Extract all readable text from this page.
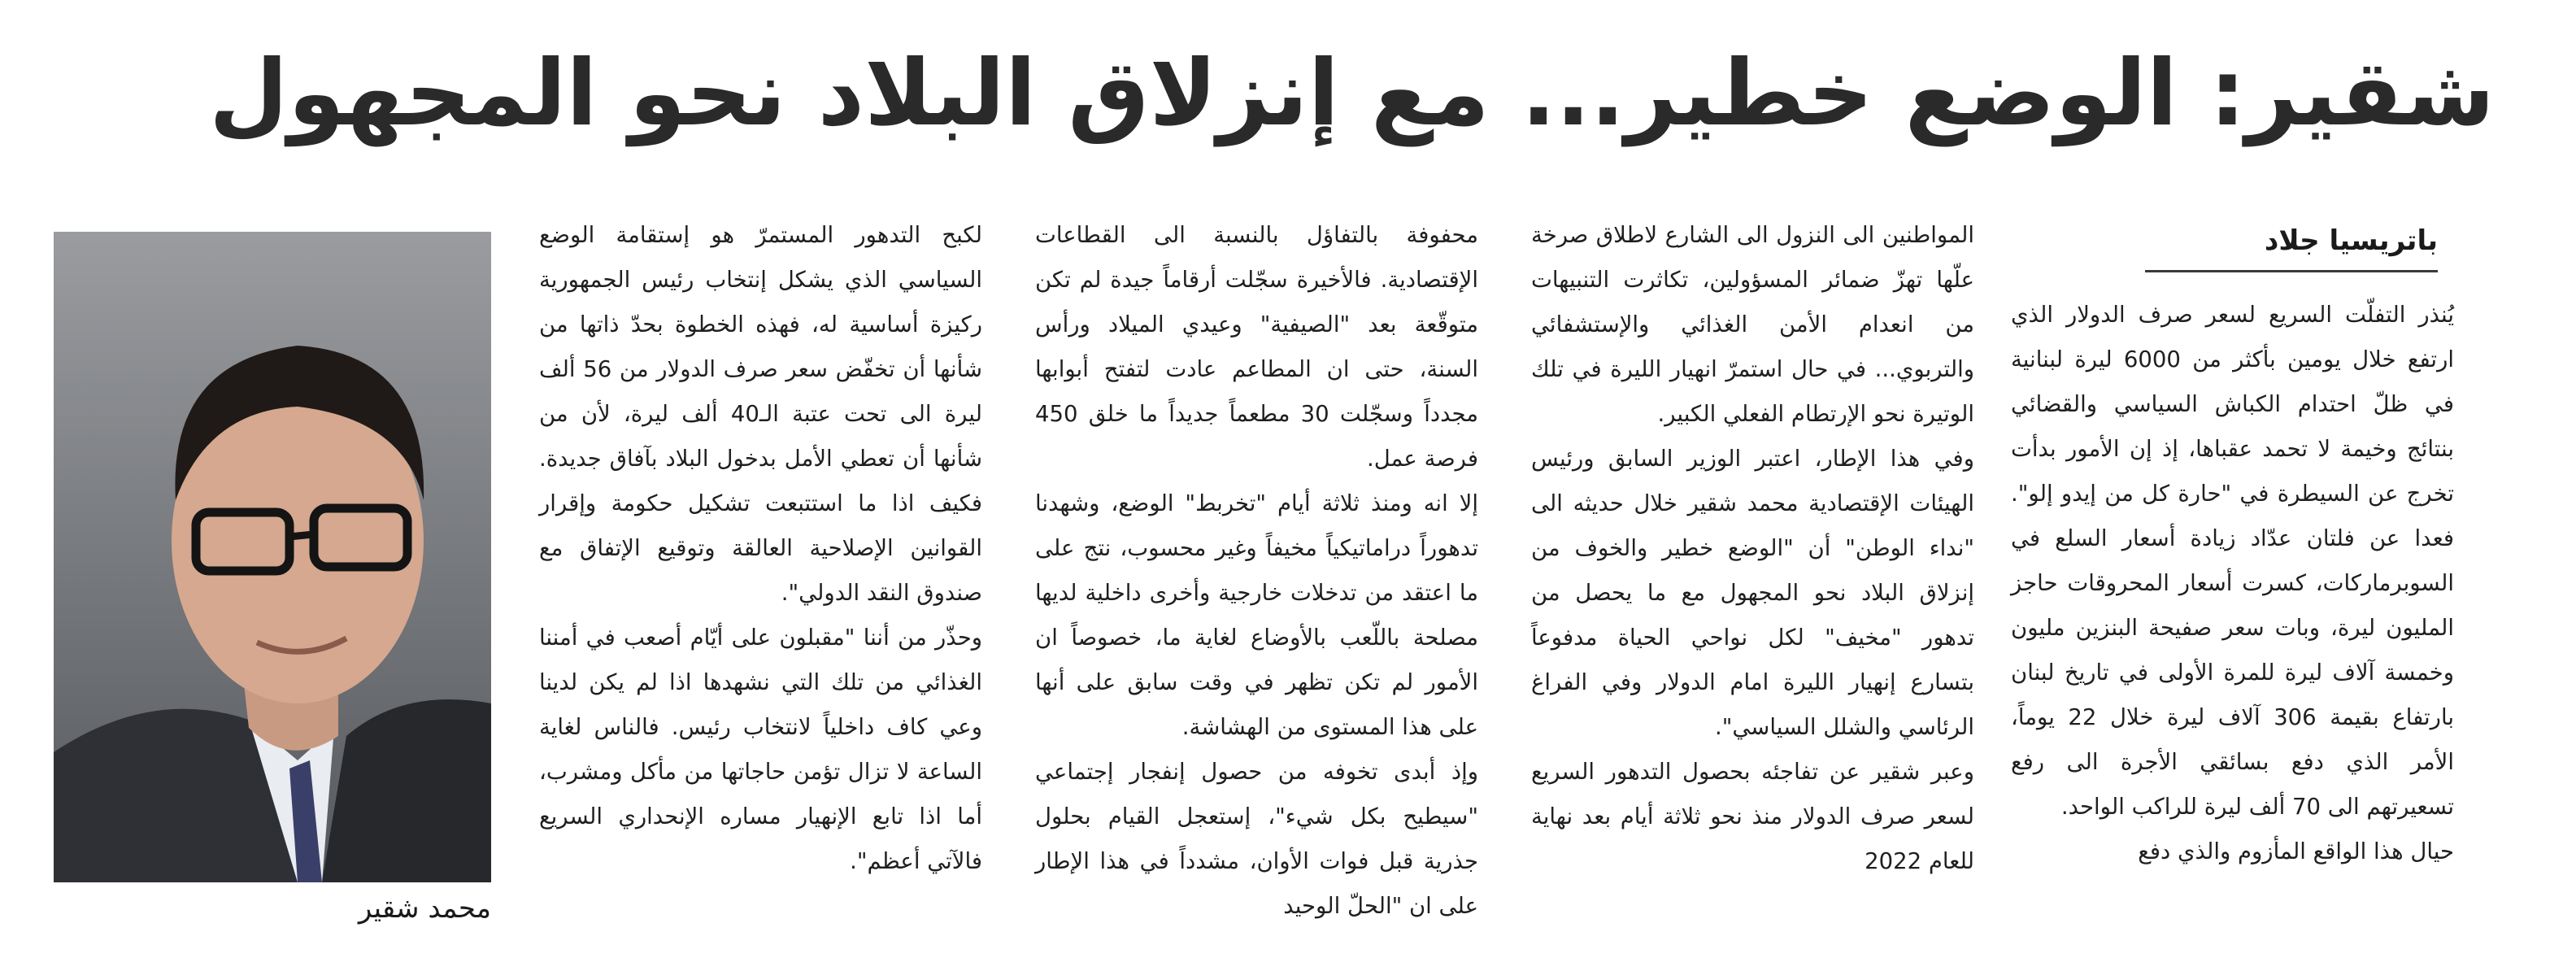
شقير: الوضع خطير... مع إنزلاق البلاد نحو المجهول
باتريسيا جلاد

يُنذر التفلّت السريع لسعر صرف الدولار الذي ارتفع خلال يومين بأكثر من 6000 ليرة لبنانية في ظلّ احتدام الكباش السياسي والقضائي بنتائج وخيمة لا تحمد عقباها، إذ إن الأمور بدأت تخرج عن السيطرة في "حارة كل من إيدو إلو". فعدا عن فلتان عدّاد زيادة أسعار السلع في السوبرماركات، كسرت أسعار المحروقات حاجز المليون ليرة، وبات سعر صفيحة البنزين مليون وخمسة آلاف ليرة للمرة الأولى في تاريخ لبنان بارتفاع بقيمة 306 آلاف ليرة خلال 22 يوماً، الأمر الذي دفع بسائقي الأجرة الى رفع تسعيرتهم الى 70 ألف ليرة للراكب الواحد.

حيال هذا الواقع المأزوم والذي دفع

المواطنين الى النزول الى الشارع لاطلاق صرخة علّها تهزّ ضمائر المسؤولين، تكاثرت التنبيهات من انعدام الأمن الغذائي والإستشفائي والتربوي... في حال استمرّ انهيار الليرة في تلك الوتيرة نحو الإرتطام الفعلي الكبير.

وفي هذا الإطار، اعتبر الوزير السابق ورئيس الهيئات الإقتصادية محمد شقير خلال حديثه الى "نداء الوطن" أن "الوضع خطير والخوف من إنزلاق البلاد نحو المجهول مع ما يحصل من تدهور "مخيف" لكل نواحي الحياة مدفوعاً بتسارع إنهيار الليرة امام الدولار وفي الفراغ الرئاسي والشلل السياسي".

وعبر شقير عن تفاجئه بحصول التدهور السريع لسعر صرف الدولار منذ نحو ثلاثة أيام بعد نهاية للعام 2022

محفوفة بالتفاؤل بالنسبة الى القطاعات الإقتصادية. فالأخيرة سجّلت أرقاماً جيدة لم تكن متوقّعة بعد "الصيفية" وعيدي الميلاد ورأس السنة، حتى ان المطاعم عادت لتفتح أبوابها مجدداً وسجّلت 30 مطعماً جديداً ما خلق 450 فرصة عمل.

إلا انه ومنذ ثلاثة أيام "تخربط" الوضع، وشهدنا تدهوراً دراماتيكياً مخيفاً وغير محسوب، نتج على ما اعتقد من تدخلات خارجية وأخرى داخلية لديها مصلحة باللّعب بالأوضاع لغاية ما، خصوصاً ان الأمور لم تكن تظهر في وقت سابق على أنها على هذا المستوى من الهشاشة.

وإذ أبدى تخوفه من حصول إنفجار إجتماعي "سيطيح بكل شيء"، إستعجل القيام بحلول جذرية قبل فوات الأوان، مشدداً في هذا الإطار على ان "الحلّ الوحيد

لكبح التدهور المستمرّ هو إستقامة الوضع السياسي الذي يشكل إنتخاب رئيس الجمهورية ركيزة أساسية له، فهذه الخطوة بحدّ ذاتها من شأنها أن تخفّض سعر صرف الدولار من 56 ألف ليرة الى تحت عتبة الـ40 ألف ليرة، لأن من شأنها أن تعطي الأمل بدخول البلاد بآفاق جديدة. فكيف اذا ما استتبعت تشكيل حكومة وإقرار القوانين الإصلاحية العالقة وتوقيع الإتفاق مع صندوق النقد الدولي".

وحذّر من أننا "مقبلون على أيّام أصعب في أمننا الغذائي من تلك التي نشهدها اذا لم يكن لدينا وعي كاف داخلياً لانتخاب رئيس. فالناس لغاية الساعة لا تزال تؤمن حاجاتها من مأكل ومشرب، أما اذا تابع الإنهيار مساره الإنحداري السريع فالآتي أعظم".

محمد شقير
